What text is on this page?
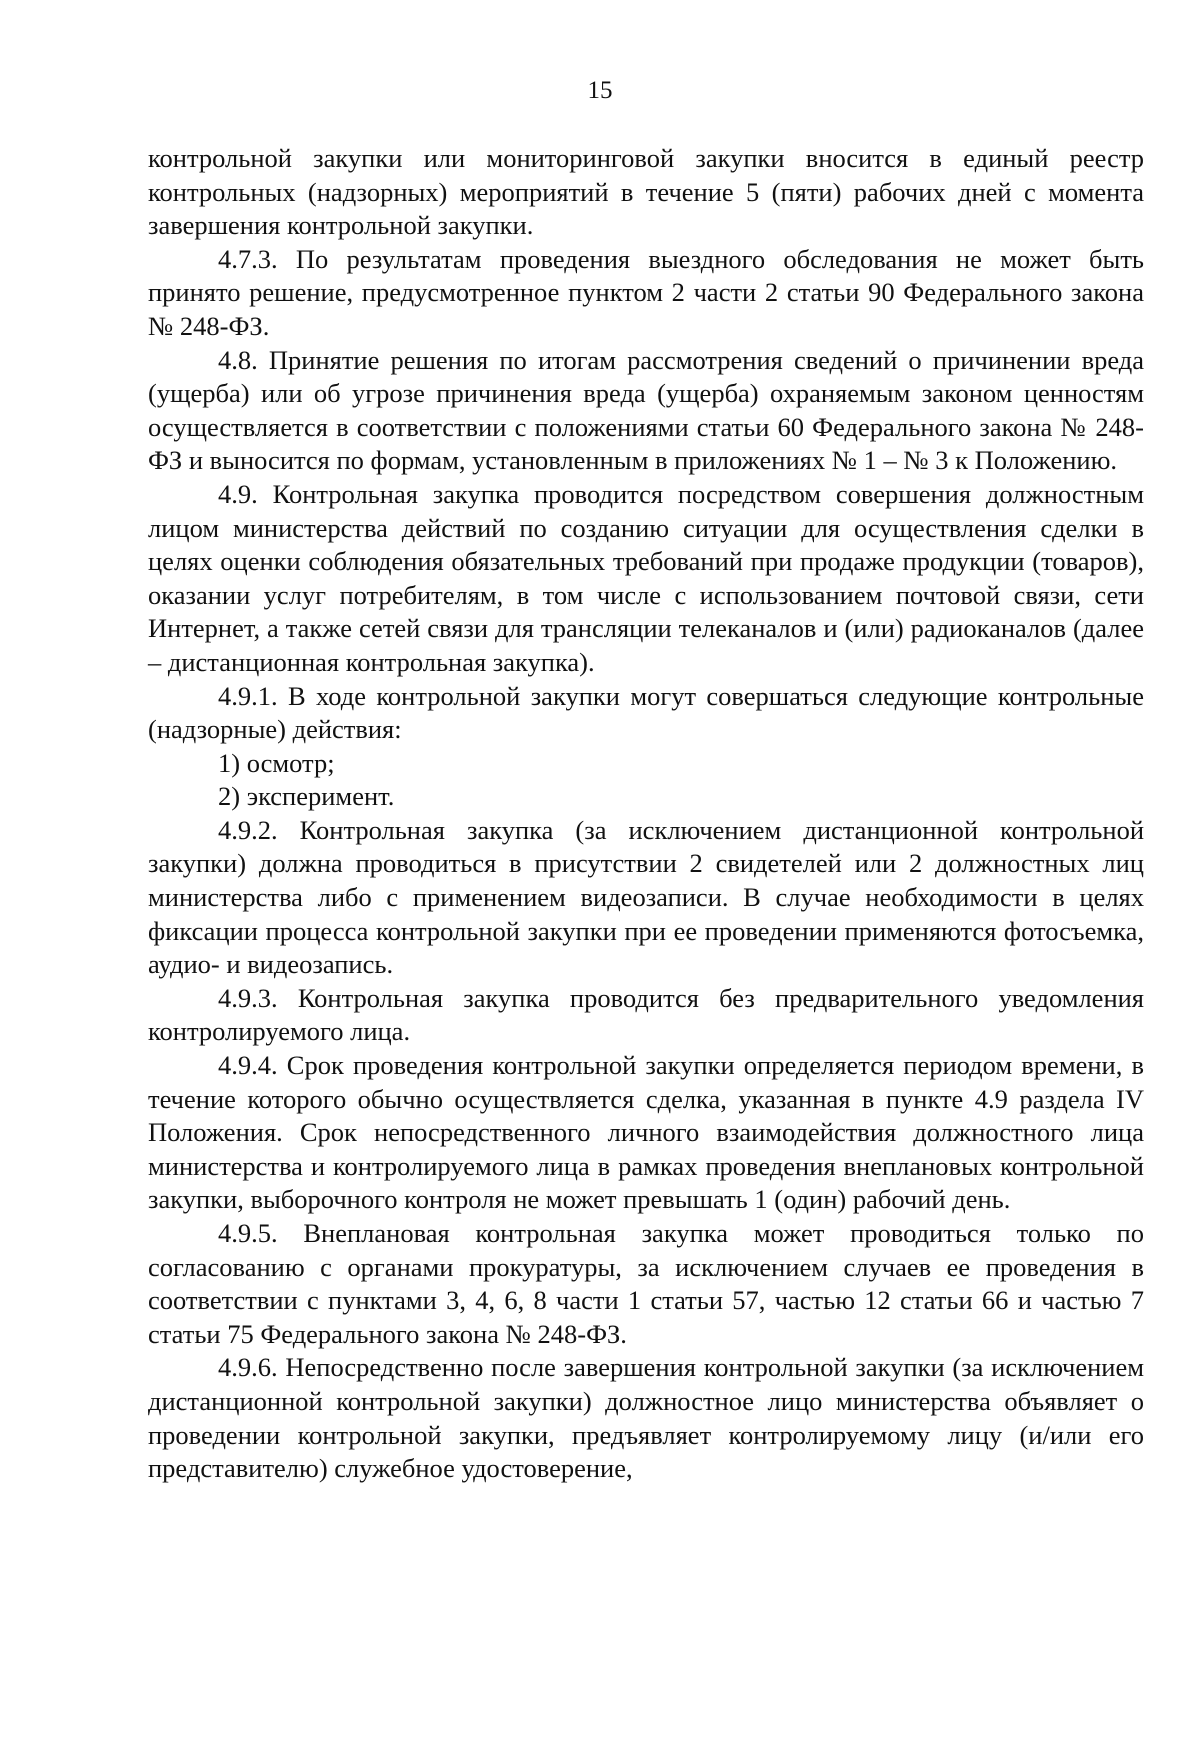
15

контрольной закупки или мониторинговой закупки вносится в единый реестр контрольных (надзорных) мероприятий в течение 5 (пяти) рабочих дней с момента завершения контрольной закупки.

4.7.3. По результатам проведения выездного обследования не может быть принято решение, предусмотренное пунктом 2 части 2 статьи 90 Федерального закона № 248-ФЗ.

4.8. Принятие решения по итогам рассмотрения сведений о причинении вреда (ущерба) или об угрозе причинения вреда (ущерба) охраняемым законом ценностям осуществляется в соответствии с положениями статьи 60 Федерального закона № 248-ФЗ и выносится по формам, установленным в приложениях № 1 – № 3 к Положению.

4.9. Контрольная закупка проводится посредством совершения должностным лицом министерства действий по созданию ситуации для осуществления сделки в целях оценки соблюдения обязательных требований при продаже продукции (товаров), оказании услуг потребителям, в том числе с использованием почтовой связи, сети Интернет, а также сетей связи для трансляции телеканалов и (или) радиоканалов (далее – дистанционная контрольная закупка).

4.9.1. В ходе контрольной закупки могут совершаться следующие контрольные (надзорные) действия:

1) осмотр;

2) эксперимент.

4.9.2. Контрольная закупка (за исключением дистанционной контрольной закупки) должна проводиться в присутствии 2 свидетелей или 2 должностных лиц министерства либо с применением видеозаписи. В случае необходимости в целях фиксации процесса контрольной закупки при ее проведении применяются фотосъемка, аудио- и видеозапись.

4.9.3. Контрольная закупка проводится без предварительного уведомления контролируемого лица.

4.9.4. Срок проведения контрольной закупки определяется периодом времени, в течение которого обычно осуществляется сделка, указанная в пункте 4.9 раздела IV Положения. Срок непосредственного личного взаимодействия должностного лица министерства и контролируемого лица в рамках проведения внеплановых контрольной закупки, выборочного контроля не может превышать 1 (один) рабочий день.

4.9.5. Внеплановая контрольная закупка может проводиться только по согласованию с органами прокуратуры, за исключением случаев ее проведения в соответствии с пунктами 3, 4, 6, 8 части 1 статьи 57, частью 12 статьи 66 и частью 7 статьи 75 Федерального закона № 248-ФЗ.

4.9.6. Непосредственно после завершения контрольной закупки (за исключением дистанционной контрольной закупки) должностное лицо министерства объявляет о проведении контрольной закупки, предъявляет контролируемому лицу (и/или его представителю) служебное удостоверение,
